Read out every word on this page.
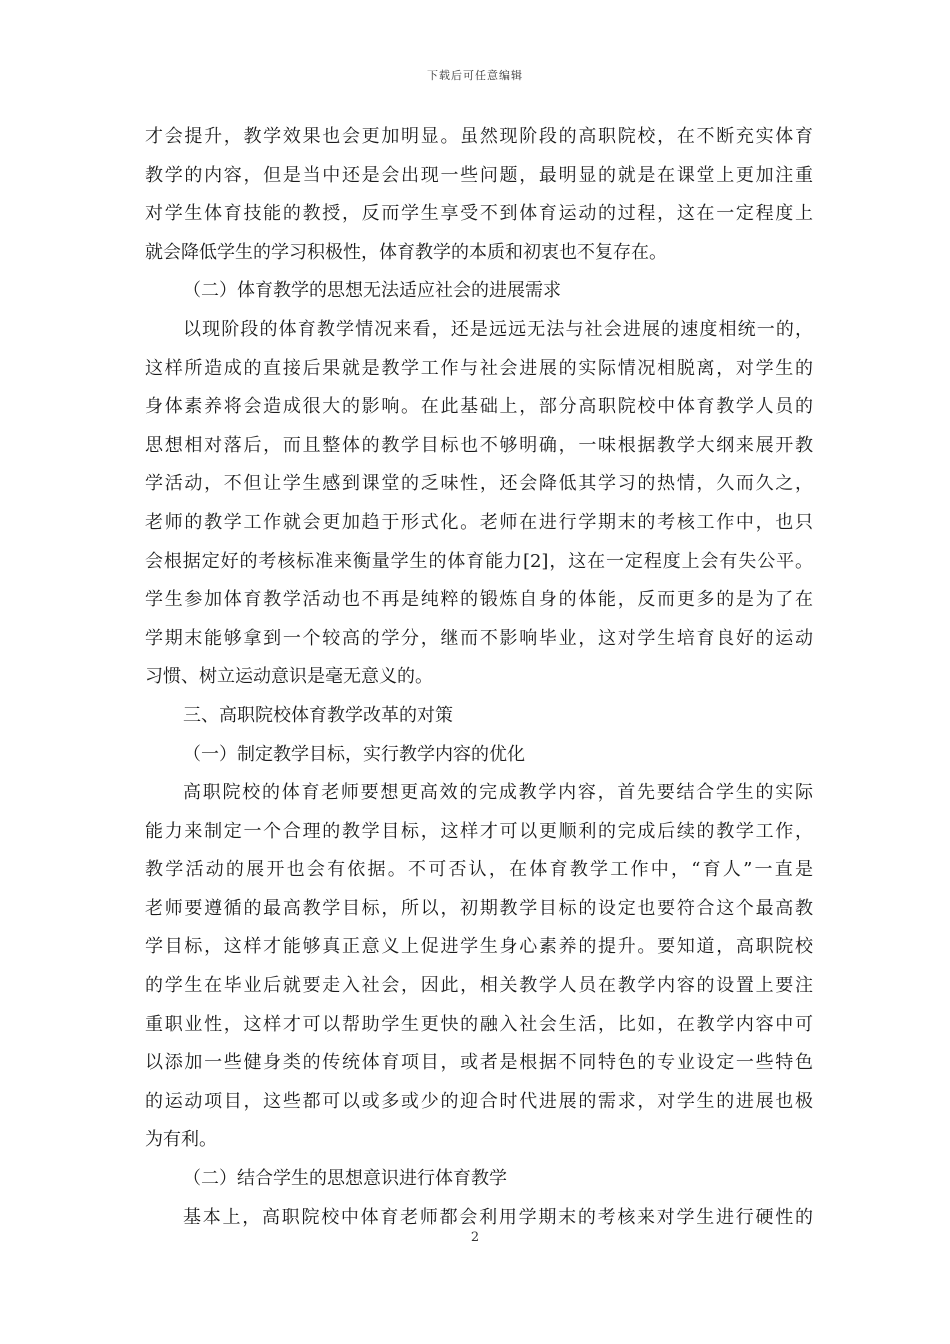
下载后可任意编辑
才会提升，教学效果也会更加明显。虽然现阶段的高职院校，在不断充实体育
教学的内容，但是当中还是会出现一些问题，最明显的就是在课堂上更加注重
对学生体育技能的教授，反而学生享受不到体育运动的过程，这在一定程度上
就会降低学生的学习积极性，体育教学的本质和初衷也不复存在。
（二）体育教学的思想无法适应社会的进展需求
以现阶段的体育教学情况来看，还是远远无法与社会进展的速度相统一的，
这样所造成的直接后果就是教学工作与社会进展的实际情况相脱离，对学生的
身体素养将会造成很大的影响。在此基础上，部分高职院校中体育教学人员的
思想相对落后，而且整体的教学目标也不够明确，一味根据教学大纲来展开教
学活动，不但让学生感到课堂的乏味性，还会降低其学习的热情，久而久之，
老师的教学工作就会更加趋于形式化。老师在进行学期末的考核工作中，也只
会根据定好的考核标准来衡量学生的体育能力[2]，这在一定程度上会有失公平。
学生参加体育教学活动也不再是纯粹的锻炼自身的体能，反而更多的是为了在
学期末能够拿到一个较高的学分，继而不影响毕业，这对学生培育良好的运动
习惯、树立运动意识是毫无意义的。
三、高职院校体育教学改革的对策
（一）制定教学目标，实行教学内容的优化
高职院校的体育老师要想更高效的完成教学内容，首先要结合学生的实际
能力来制定一个合理的教学目标，这样才可以更顺利的完成后续的教学工作，
教学活动的展开也会有依据。不可否认，在体育教学工作中，“育人”一直是
老师要遵循的最高教学目标，所以，初期教学目标的设定也要符合这个最高教
学目标，这样才能够真正意义上促进学生身心素养的提升。要知道，高职院校
的学生在毕业后就要走入社会，因此，相关教学人员在教学内容的设置上要注
重职业性，这样才可以帮助学生更快的融入社会生活，比如，在教学内容中可
以添加一些健身类的传统体育项目，或者是根据不同特色的专业设定一些特色
的运动项目，这些都可以或多或少的迎合时代进展的需求，对学生的进展也极
为有利。
（二）结合学生的思想意识进行体育教学
基本上，高职院校中体育老师都会利用学期末的考核来对学生进行硬性的
2
